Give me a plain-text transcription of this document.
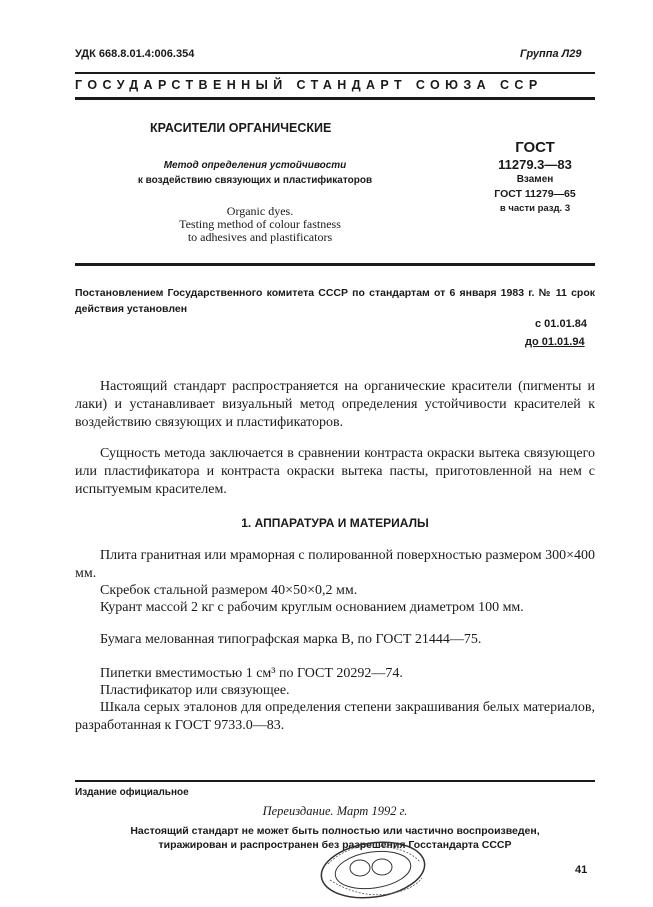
УДК 668.8.01.4:006.354	Группа Л29
ГОСУДАРСТВЕННЫЙ СТАНДАРТ СОЮЗА ССР
КРАСИТЕЛИ ОРГАНИЧЕСКИЕ
Метод определения устойчивости
к воздействию связующих и пластификаторов
Organic dyes.
Testing method of colour fastness
to adhesives and plastificators
ГОСТ
11279.3—83
Взамен
ГОСТ 11279—65
в части разд. 3
Постановлением Государственного комитета СССР по стандартам от 6 января 1983 г. № 11 срок действия установлен
с 01.01.84
до 01.01.94
Настоящий стандарт распространяется на органические красители (пигменты и лаки) и устанавливает визуальный метод определения устойчивости красителей к воздействию связующих и пластификаторов.
Сущность метода заключается в сравнении контраста окраски вытека связующего или пластификатора и контраста окраски вытека пасты, приготовленной на нем с испытуемым красителем.
1. АППАРАТУРА И МАТЕРИАЛЫ
Плита гранитная или мраморная с полированной поверхностью размером 300×400 мм.
Скребок стальной размером 40×50×0,2 мм.
Курант массой 2 кг с рабочим круглым основанием диаметром 100 мм.
Бумага мелованная типографская марка В, по ГОСТ 21444—75.
Пипетки вместимостью 1 см³ по ГОСТ 20292—74.
Пластификатор или связующее.
Шкала серых эталонов для определения степени закрашивания белых материалов, разработанная к ГОСТ 9733.0—83.
Издание официальное
Переиздание. Март 1992 г.
Настоящий стандарт не может быть полностью или частично воспроизведен,
тиражирован и распространен без разрешения Госстандарта СССР
41
